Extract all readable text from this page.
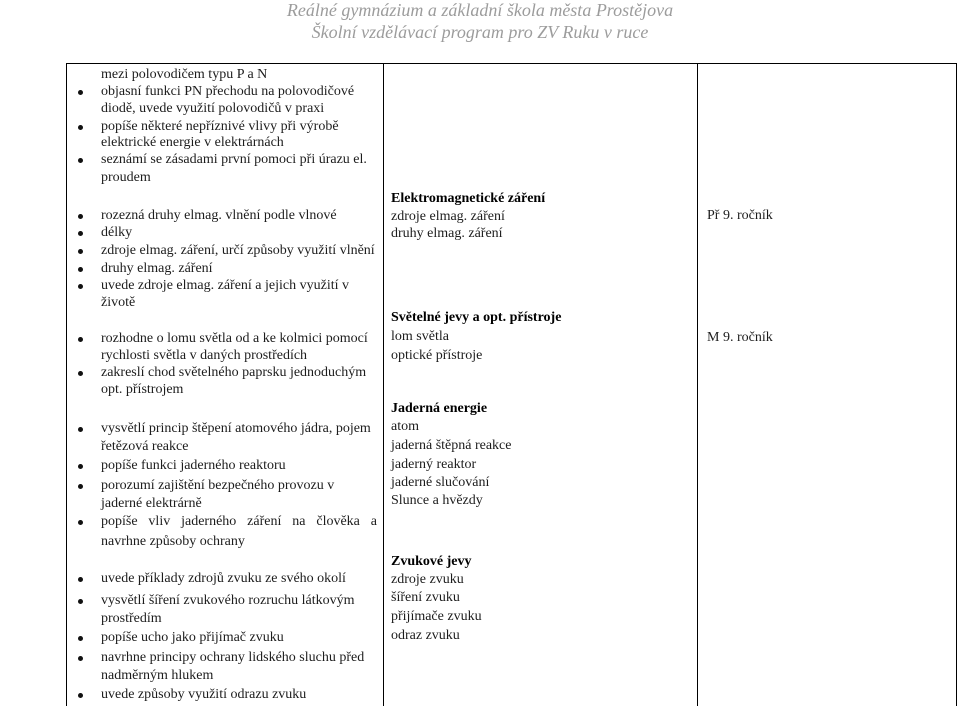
Reálné gymnázium a základní škola města Prostějova
Školní vzdělávací program pro ZV Ruku v ruce
mezi polovodičem typu P a N
objasní funkci PN přechodu na polovodičové
diodě, uvede využití polovodičů v praxi
popíše některé nepříznivé vlivy při výrobě
elektrické energie v elektrárnách
seznámí se zásadami první pomoci při úrazu el.
proudem
rozezná druhy elmag. vlnění podle vlnové
délky
zdroje elmag. záření, určí způsoby využití vlnění
druhy elmag. záření
uvede zdroje elmag. záření a jejich využití v
životě
rozhodne o lomu světla od a ke kolmici pomocí
rychlosti světla v daných prostředích
zakreslí chod světelného paprsku jednoduchým
opt. přístrojem
vysvětlí princip štěpení atomového jádra, pojem
řetězová reakce
popíše funkci jaderného reaktoru
porozumí zajištění bezpečného provozu v
jaderné elektrárně
popíše vliv jaderného záření na člověka a
navrhne způsoby ochrany
uvede příklady zdrojů zvuku ze svého okolí
vysvětlí šíření zvukového rozruchu látkovým
prostředím
popíše ucho jako přijímač zvuku
navrhne principy ochrany lidského sluchu před
nadměrným hlukem
uvede způsoby využití odrazu zvuku
Elektromagnetické záření
zdroje elmag. záření
druhy elmag. záření
Světelné jevy a opt. přístroje
lom světla
optické přístroje
Jaderná energie
atom
jaderná štěpná reakce
jaderný reaktor
jaderné slučování
Slunce a hvězdy
Zvukové jevy
zdroje zvuku
šíření zvuku
přijímače zvuku
odraz zvuku
Př 9. ročník
M 9. ročník
